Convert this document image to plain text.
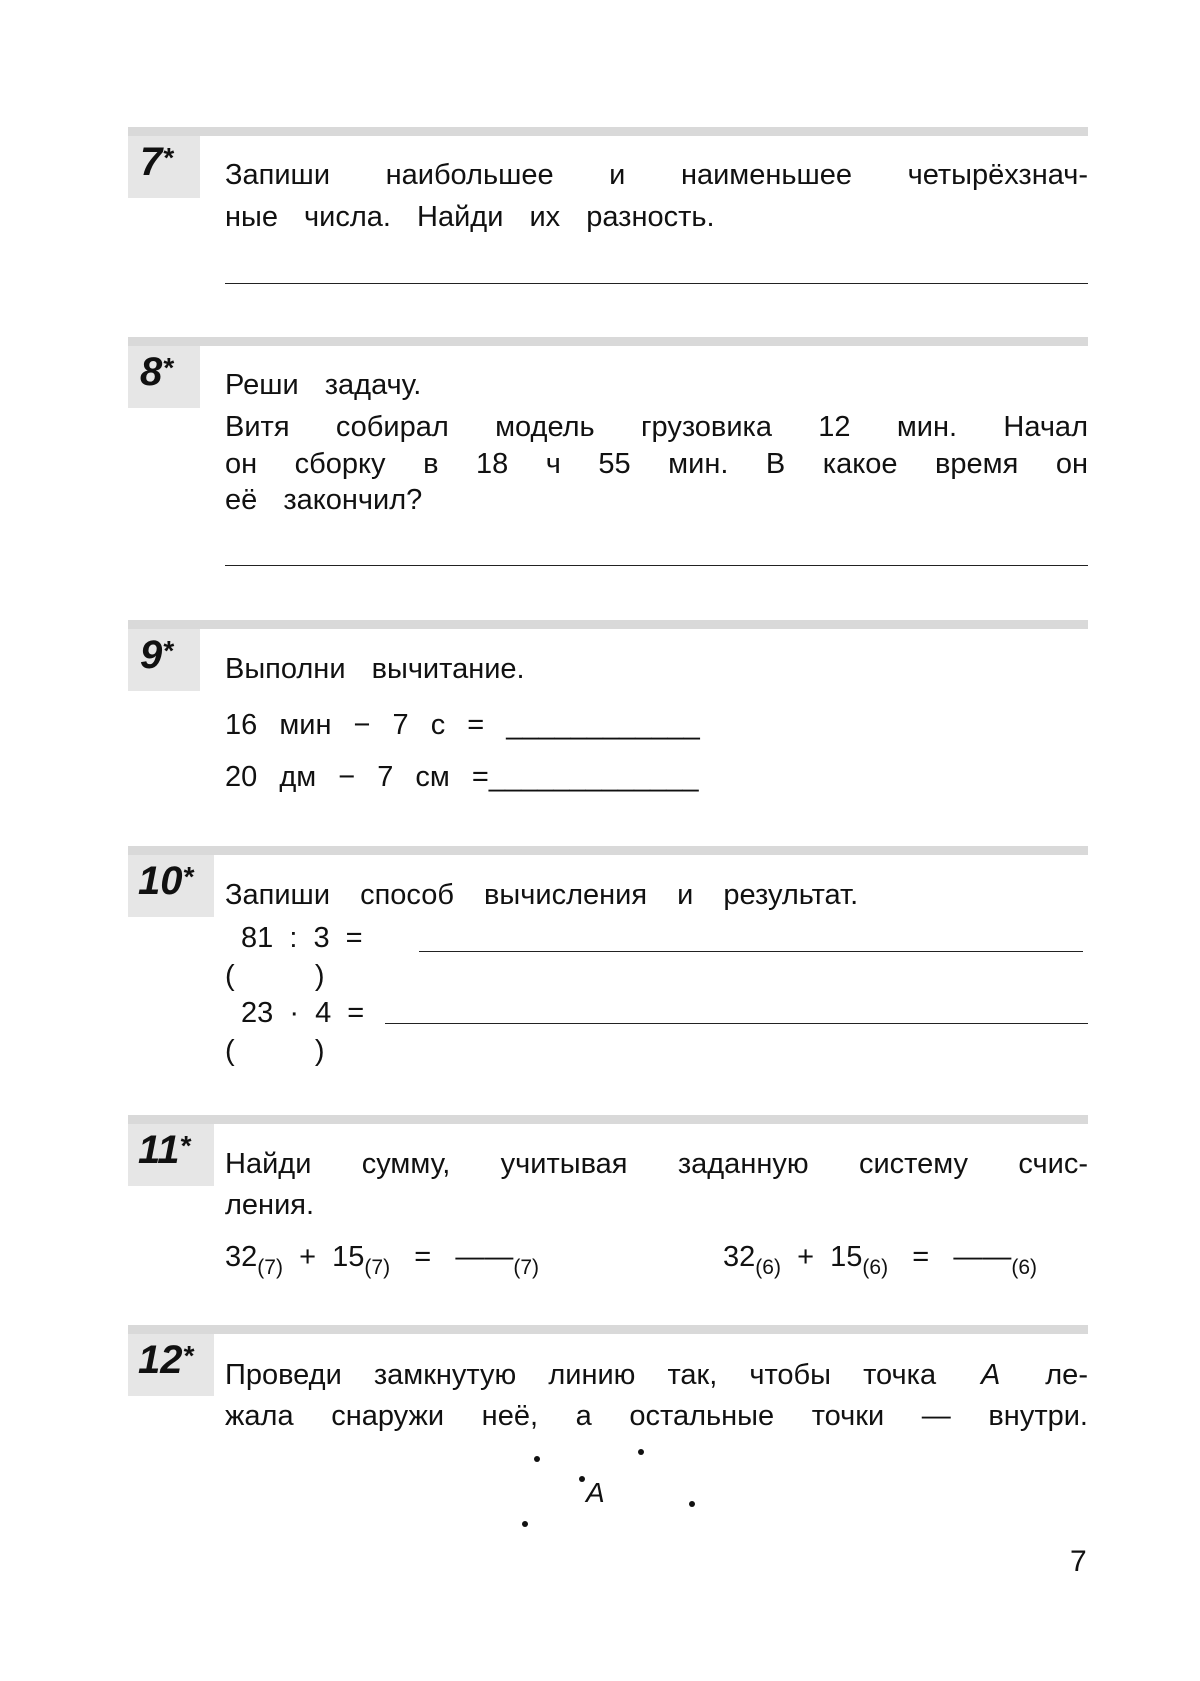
7*
Запиши наибольшее и наименьшее четырёхзнач-
ные числа. Найди их разность.
8*
Реши задачу.
Витя собирал модель грузовика 12 мин. Начал
он сборку в 18 ч 55 мин. В какое время он
её закончил?
9*
Выполни вычитание.
16 мин − 7 с = ____________
20 дм − 7 см =_____________
10*
Запиши способ вычисления и результат.
81 : 3 =
(    )
23 · 4 =
(    )
11*
Найди сумму, учитывая заданную систему счис-
ления.
$32_{(7)} + 15_{(7)}$ = $——_{(7)}$	$32_{(6)} + 15_{(6)}$ = $——_{(6)}$
12*
Проведи замкнутую линию так, чтобы точка A ле-
жала снаружи неё, а остальные точки — внутри.
A
7
